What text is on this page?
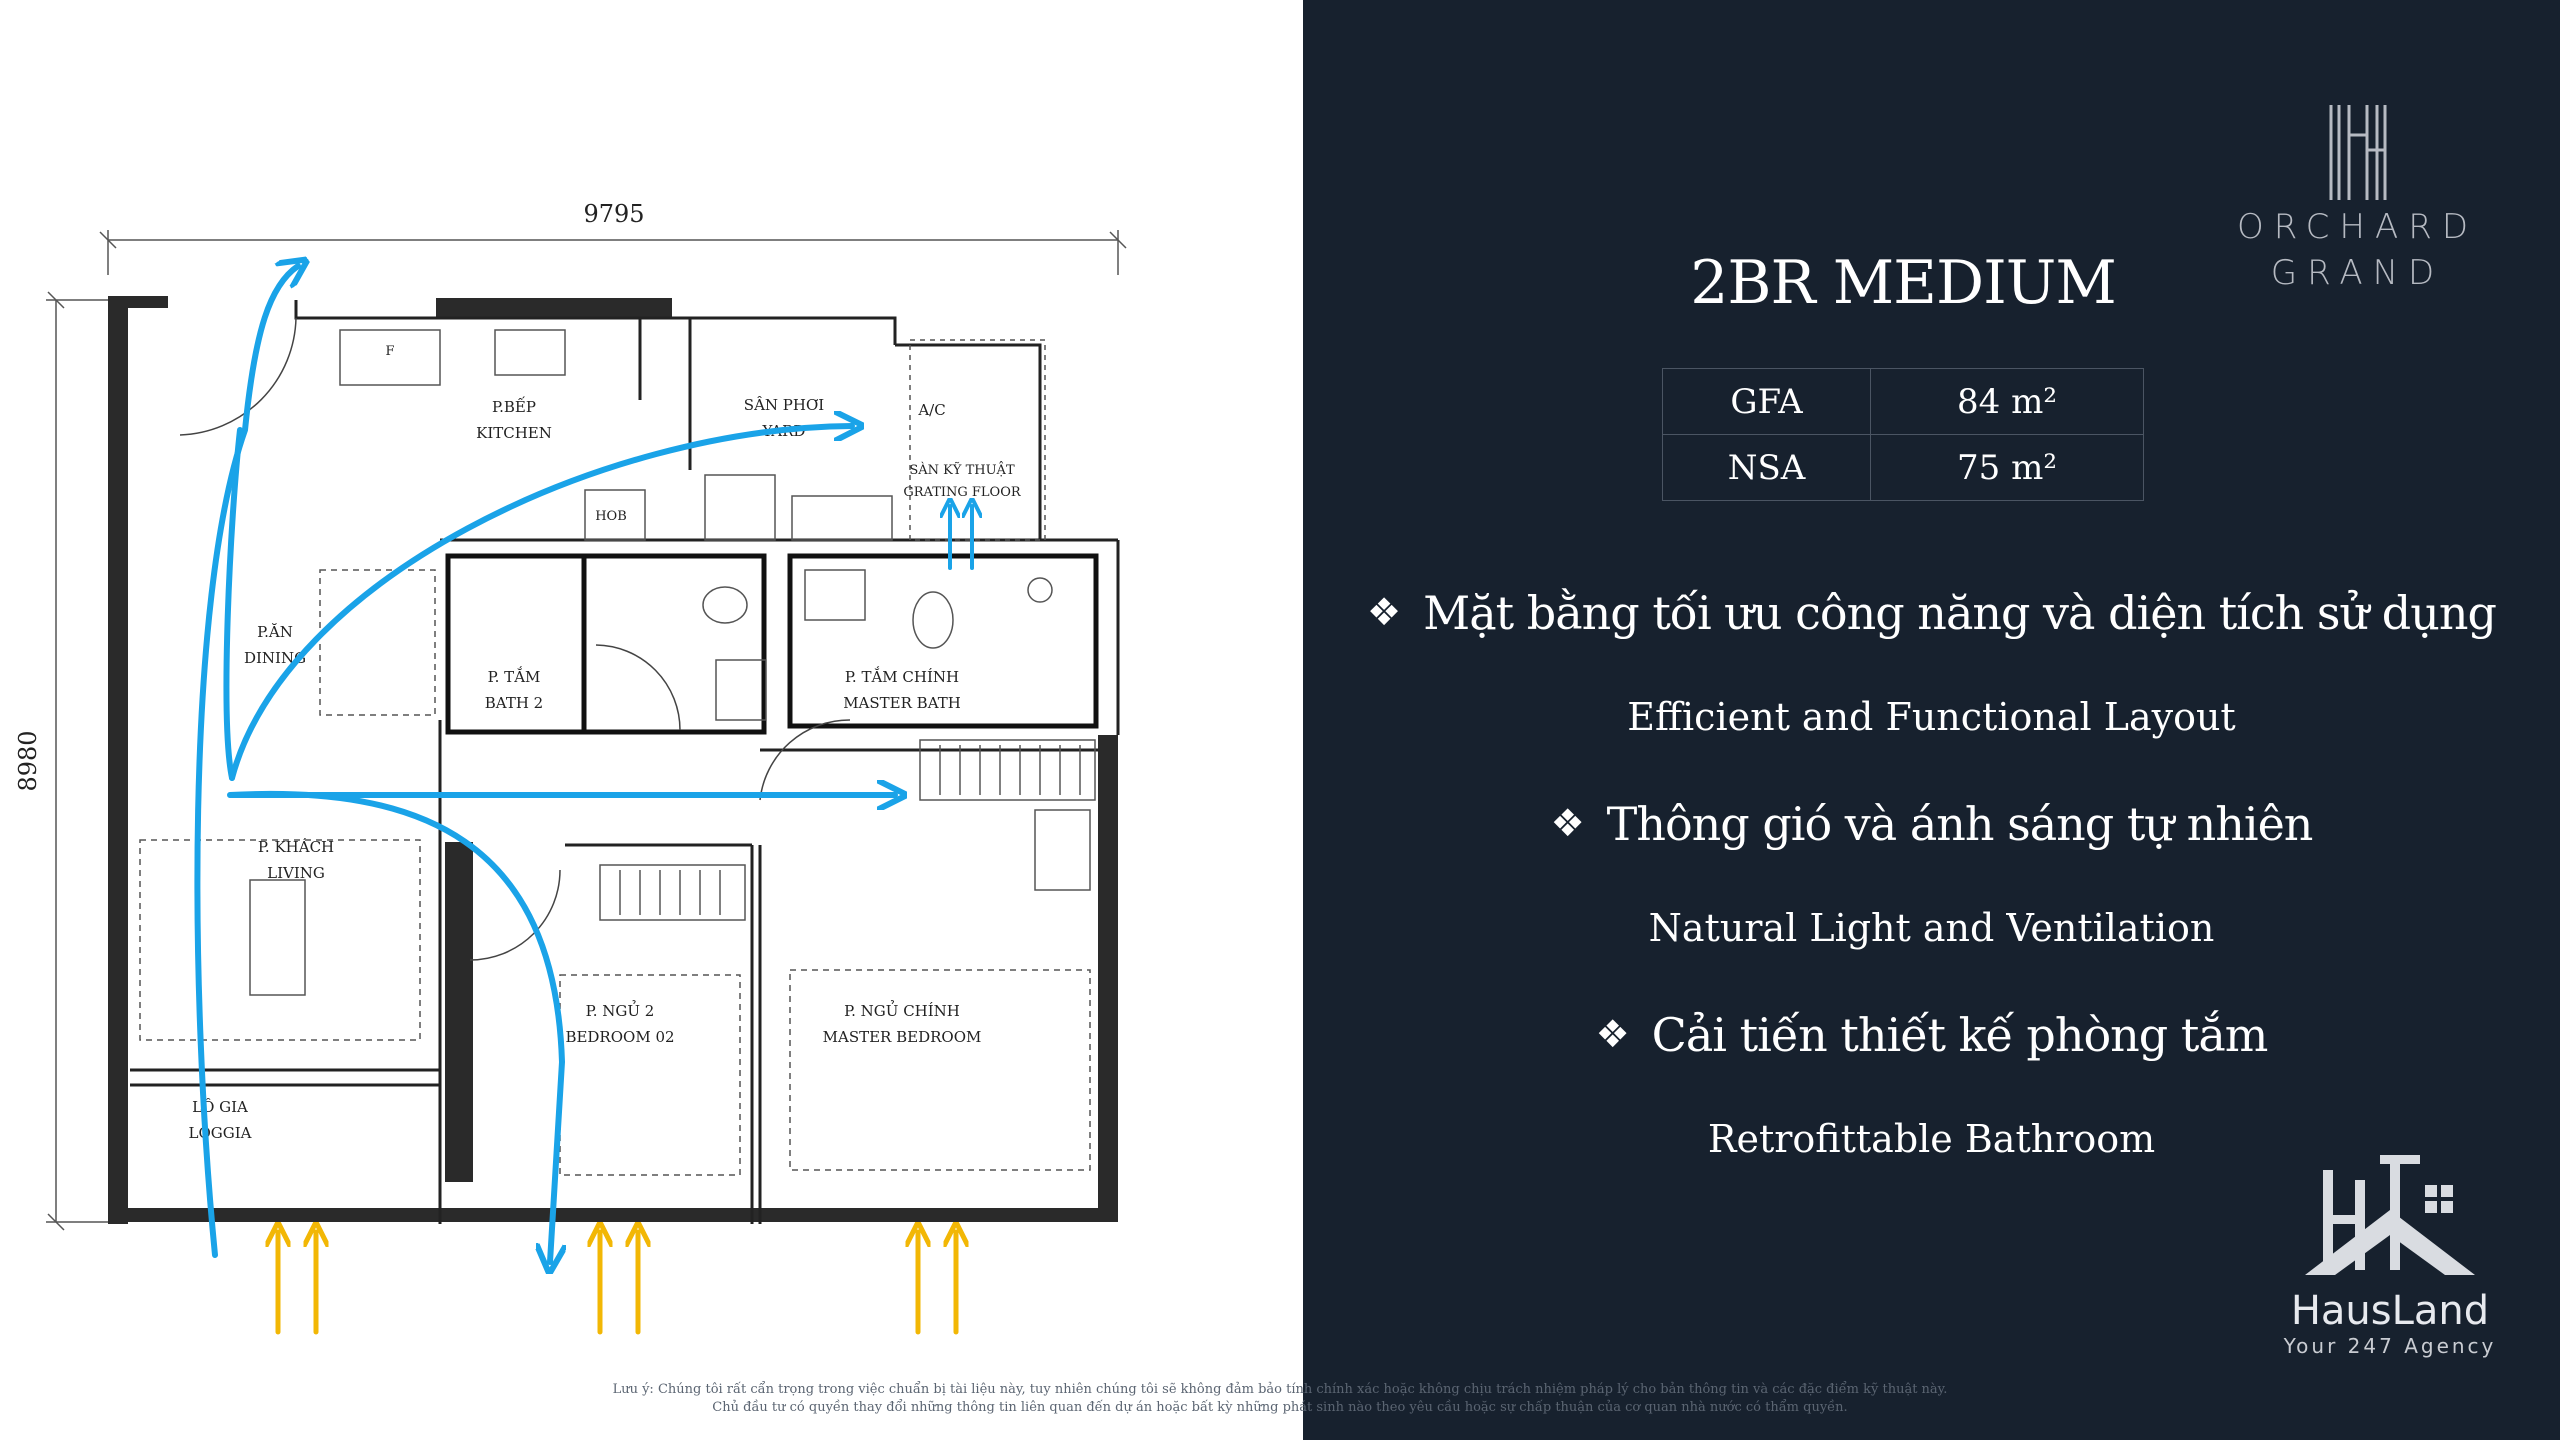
9795
8980
P.BẾP
KITCHEN
SÂN PHƠI
YARD
A/C
SÀN KỸ THUẬT
GRATING FLOOR
HOB
F
P.ĂN
DINING
P. TẮM
BATH 2
P. TẮM CHÍNH
MASTER BATH
P. KHÁCH
LIVING
P. NGỦ 2
BEDROOM 02
P. NGỦ CHÍNH
MASTER BEDROOM
LÔ GIA
LOGGIA
ORCHARD
GRAND
2BR MEDIUM
GFA	84 m²
NSA	75 m²
❖ Mặt bằng tối ưu công năng và diện tích sử dụng
Efficient and Functional Layout
❖ Thông gió và ánh sáng tự nhiên
Natural Light and Ventilation
❖ Cải tiến thiết kế phòng tắm
Retrofittable Bathroom
HausLand
Your 247 Agency
Lưu ý: Chúng tôi rất cẩn trọng trong việc chuẩn bị tài liệu này, tuy nhiên chúng tôi sẽ không đảm bảo tính chính xác hoặc không chịu trách nhiệm pháp lý cho bản thông tin và các đặc điểm kỹ thuật này.
Chủ đầu tư có quyền thay đổi những thông tin liên quan đến dự án hoặc bất kỳ những phát sinh nào theo yêu cầu hoặc sự chấp thuận của cơ quan nhà nước có thẩm quyền.
